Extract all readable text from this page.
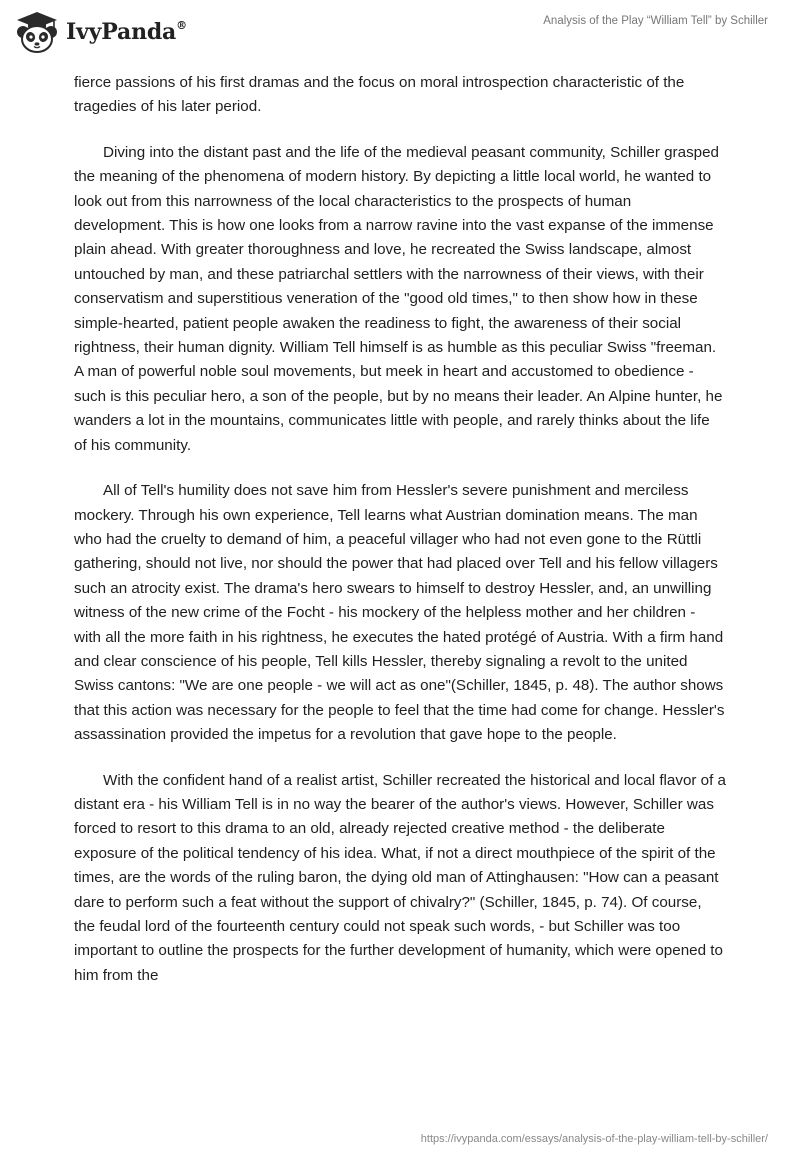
IvyPanda®	Analysis of the Play “William Tell” by Schiller

fierce passions of his first dramas and the focus on moral introspection characteristic of the tragedies of his later period.

Diving into the distant past and the life of the medieval peasant community, Schiller grasped the meaning of the phenomena of modern history. By depicting a little local world, he wanted to look out from this narrowness of the local characteristics to the prospects of human development. This is how one looks from a narrow ravine into the vast expanse of the immense plain ahead. With greater thoroughness and love, he recreated the Swiss landscape, almost untouched by man, and these patriarchal settlers with the narrowness of their views, with their conservatism and superstitious veneration of the "good old times," to then show how in these simple-hearted, patient people awaken the readiness to fight, the awareness of their social rightness, their human dignity. William Tell himself is as humble as this peculiar Swiss "freeman. A man of powerful noble soul movements, but meek in heart and accustomed to obedience - such is this peculiar hero, a son of the people, but by no means their leader. An Alpine hunter, he wanders a lot in the mountains, communicates little with people, and rarely thinks about the life of his community.

All of Tell's humility does not save him from Hessler's severe punishment and merciless mockery. Through his own experience, Tell learns what Austrian domination means. The man who had the cruelty to demand of him, a peaceful villager who had not even gone to the Rüttli gathering, should not live, nor should the power that had placed over Tell and his fellow villagers such an atrocity exist. The drama's hero swears to himself to destroy Hessler, and, an unwilling witness of the new crime of the Focht - his mockery of the helpless mother and her children - with all the more faith in his rightness, he executes the hated protégé of Austria. With a firm hand and clear conscience of his people, Tell kills Hessler, thereby signaling a revolt to the united Swiss cantons: "We are one people - we will act as one"(Schiller, 1845, p. 48). The author shows that this action was necessary for the people to feel that the time had come for change. Hessler's assassination provided the impetus for a revolution that gave hope to the people.

With the confident hand of a realist artist, Schiller recreated the historical and local flavor of a distant era - his William Tell is in no way the bearer of the author's views. However, Schiller was forced to resort to this drama to an old, already rejected creative method - the deliberate exposure of the political tendency of his idea. What, if not a direct mouthpiece of the spirit of the times, are the words of the ruling baron, the dying old man of Attinghausen: "How can a peasant dare to perform such a feat without the support of chivalry?" (Schiller, 1845, p. 74). Of course, the feudal lord of the fourteenth century could not speak such words, - but Schiller was too important to outline the prospects for the further development of humanity, which were opened to him from the

https://ivypanda.com/essays/analysis-of-the-play-william-tell-by-schiller/
